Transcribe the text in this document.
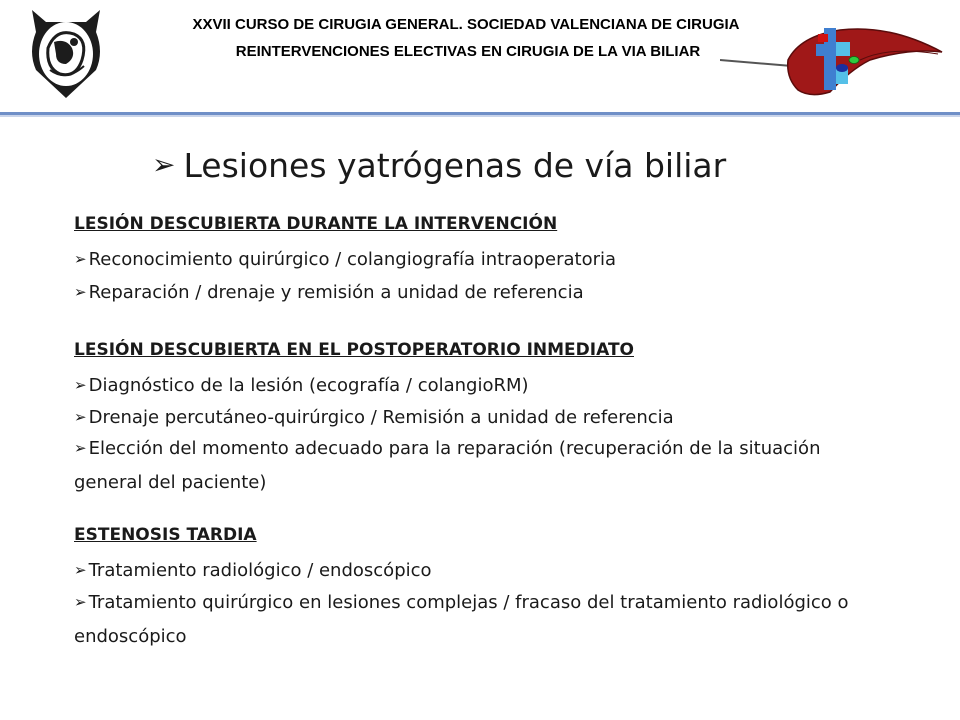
XXVII CURSO DE CIRUGIA GENERAL. SOCIEDAD VALENCIANA DE CIRUGIA
REINTERVENCIONES ELECTIVAS EN CIRUGIA DE LA VIA BILIAR
➢ Lesiones yatrógenas de vía biliar
LESIÓN DESCUBIERTA DURANTE LA INTERVENCIÓN
➢ Reconocimiento quirúrgico / colangiografía intraoperatoria
➢ Reparación / drenaje y remisión a unidad de referencia
LESIÓN DESCUBIERTA EN EL POSTOPERATORIO INMEDIATO
➢ Diagnóstico de la lesión (ecografía / colangioRM)
➢ Drenaje percutáneo-quirúrgico / Remisión a unidad de referencia
➢ Elección del momento adecuado para la reparación (recuperación de la situación general del paciente)
ESTENOSIS TARDIA
➢ Tratamiento radiológico / endoscópico
➢ Tratamiento quirúrgico en lesiones complejas / fracaso del tratamiento radiológico o endoscópico
